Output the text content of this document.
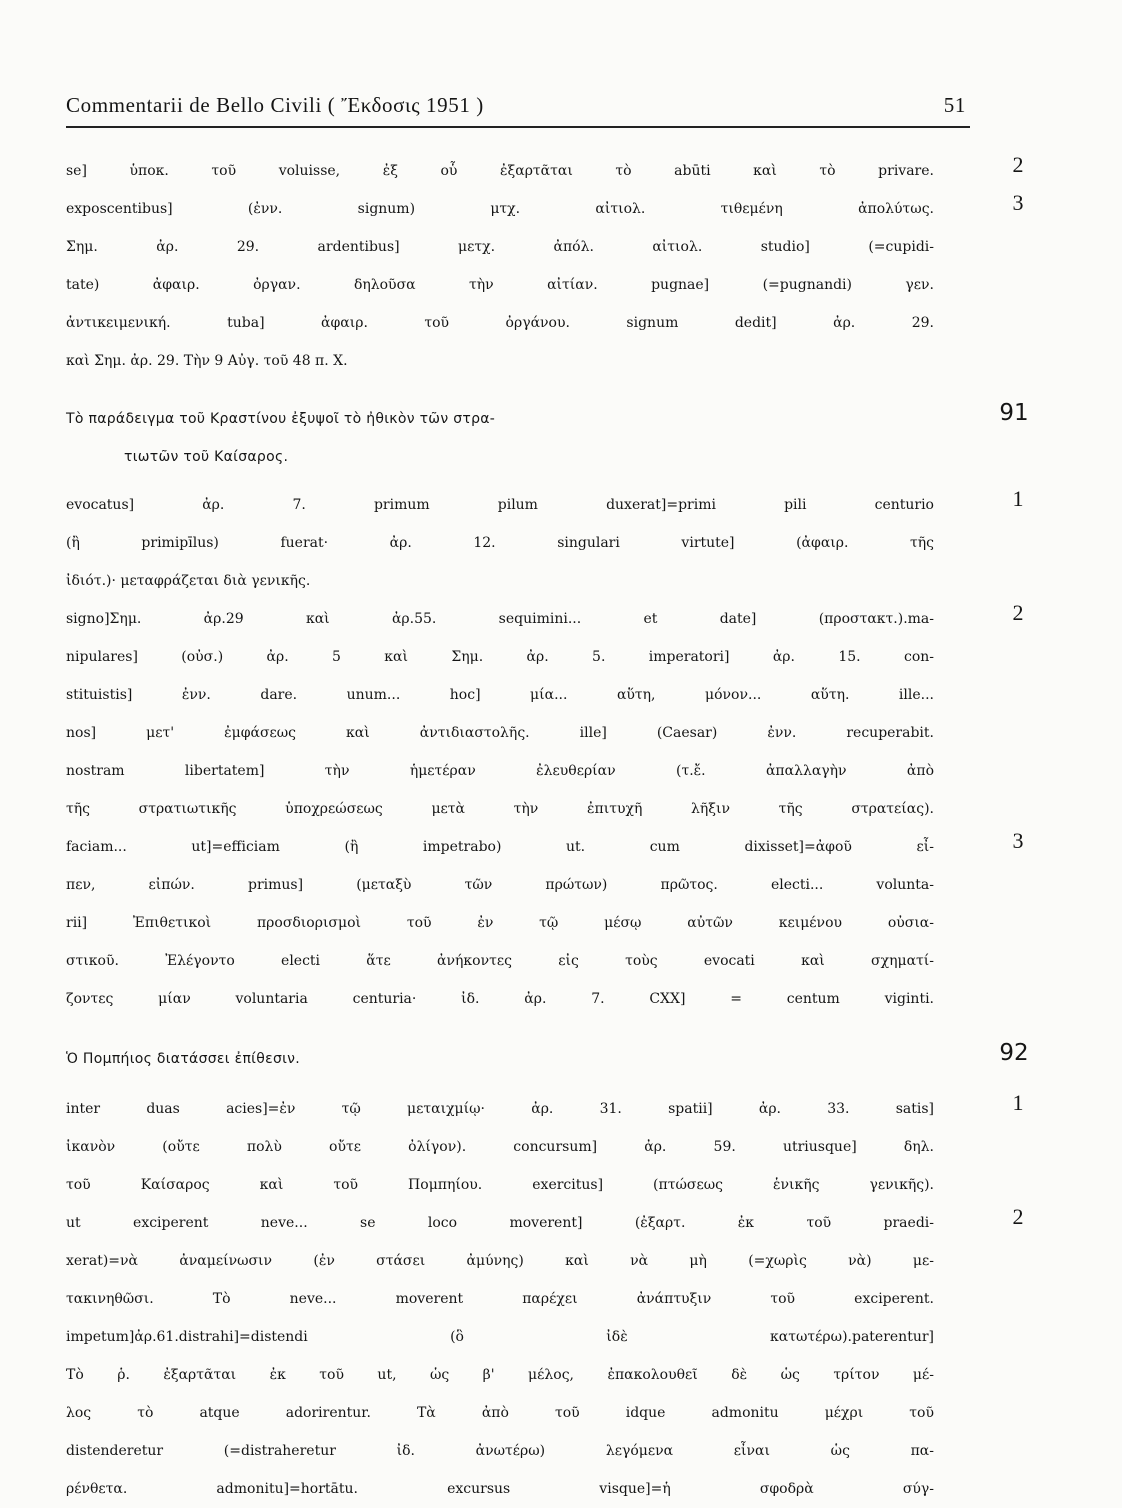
Commentarii de Bello Civili ( Ἔκδοσις 1951 )	51
2
3
se] ὑποκ. τοῦ voluisse, ἐξ οὗ ἐξαρτᾶται τὸ abūti καὶ τὸ privare.
exposcentibus] (ἐνν. signum) μτχ. αἰτιολ. τιθεμένη ἀπολύτως.
Σημ. ἀρ. 29. ardentibus] μετχ. ἀπόλ. αἰτιολ. studio] (=cupidi-
tate) ἀφαιρ. ὀργαν. δηλοῦσα τὴν αἰτίαν. pugnae] (=pugnandi) γεν.
ἀντικειμενική. tuba] ἀφαιρ. τοῦ ὀργάνου. signum dedit] ἀρ. 29.
καὶ Σημ. ἀρ. 29. Τὴν 9 Αὐγ. τοῦ 48 π. Χ.
91
Τὸ παράδειγμα τοῦ Κραστίνου ἐξυψοῖ τὸ ἠθικὸν τῶν στρα-
τιωτῶν τοῦ Καίσαρος.
1
2
3
evocatus] ἀρ. 7. primum pilum duxerat]=primi pili centurio
(ἢ primipīlus) fuerat· ἀρ. 12. singulari virtute] (ἀφαιρ. τῆς
ἰδιότ.)· μεταφράζεται διὰ γενικῆς.
signo]Σημ. ἀρ.29 καὶ ἀρ.55. sequimini... et date] (προστακτ.).ma-
nipulares] (οὐσ.) ἀρ. 5 καὶ Σημ. ἀρ. 5. imperatori] ἀρ. 15. con-
stituistis] ἐνν. dare. unum... hoc] μία... αὕτη, μόνον... αὕτη. ille...
nos] μετ' ἐμφάσεως καὶ ἀντιδιαστολῆς. ille] (Caesar) ἐνν. recuperabit.
nostram libertatem] τὴν ἡμετέραν ἐλευθερίαν (τ.ἔ. ἀπαλλαγὴν ἀπὸ
τῆς στρατιωτικῆς ὑποχρεώσεως μετὰ τὴν ἐπιτυχῆ λῆξιν τῆς στρατείας).
faciam... ut]=efficiam (ἢ impetrabo) ut. cum dixisset]=ἀφοῦ εἶ-
πεν, εἰπών. primus] (μεταξὺ τῶν πρώτων) πρῶτος. electi... volunta-
rii] Ἐπιθετικοὶ προσδιορισμοὶ τοῦ ἐν τῷ μέσῳ αὐτῶν κειμένου οὐσια-
στικοῦ. Ἐλέγοντο electi ἅτε ἀνήκοντες εἰς τοὺς evocati καὶ σχηματί-
ζοντες μίαν voluntaria centuria· ἰδ. ἀρ. 7. CXX] = centum viginti.
92
Ὁ Πομπήιος διατάσσει ἐπίθεσιν.
1
2
inter duas acies]=ἐν τῷ μεταιχμίῳ· ἀρ. 31. spatii] ἀρ. 33. satis]
ἱκανὸν (οὔτε πολὺ οὔτε ὀλίγον). concursum] ἀρ. 59. utriusque] δηλ.
τοῦ Καίσαρος καὶ τοῦ Πομπηίου. exercitus] (πτώσεως ἑνικῆς γενικῆς).
ut exciperent neve... se loco moverent] (ἐξαρτ. ἐκ τοῦ praedi-
xerat)=νὰ ἀναμείνωσιν (ἐν στάσει ἀμύνης) καὶ νὰ μὴ (=χωρὶς νὰ) με-
τακινηθῶσι. Τὸ neve... moverent παρέχει ἀνάπτυξιν τοῦ exciperent.
impetum]ἀρ.61.distrahi]=distendi (ὃ ἰδὲ κατωτέρω).paterentur]
Τὸ ῥ. ἐξαρτᾶται ἐκ τοῦ ut, ὡς β' μέλος, ἐπακολουθεῖ δὲ ὡς τρίτον μέ-
λος τὸ atque adorirentur. Τὰ ἀπὸ τοῦ idque admonitu μέχρι τοῦ
distenderetur (=distraheretur ἰδ. ἀνωτέρω) λεγόμενα εἶναι ὡς πα-
ρένθετα. admonitu]=hortātu. excursus visque]=ἡ σφοδρὰ σύγ-
